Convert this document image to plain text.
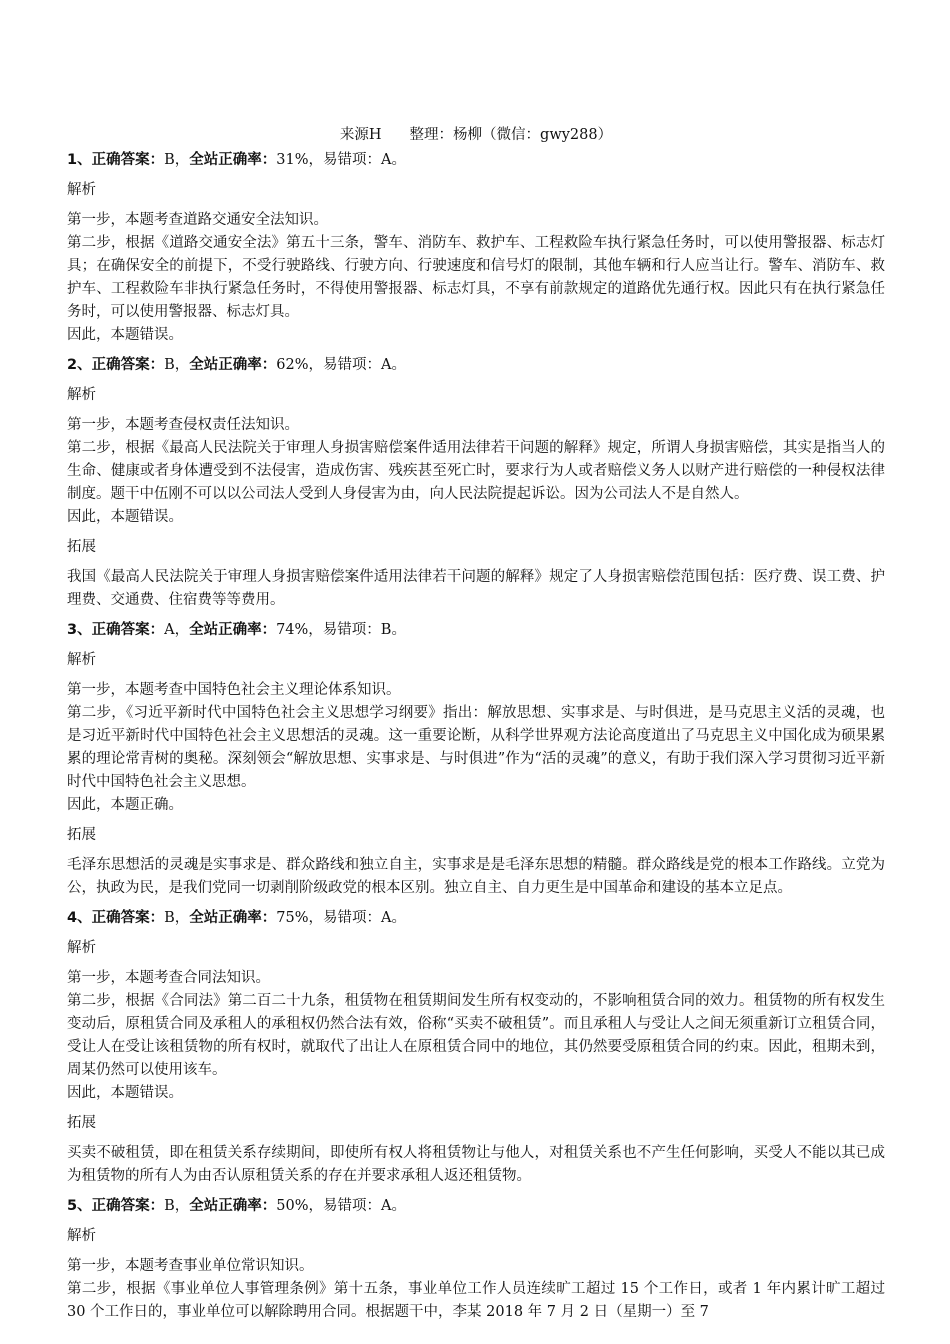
来源H 整理：杨柳（微信：gwy288）
1、正确答案：B，全站正确率：31%，易错项：A。
解析
第一步，本题考查道路交通安全法知识。
第二步，根据《道路交通安全法》第五十三条，警车、消防车、救护车、工程救险车执行紧急任务时，可以使用警报器、标志灯具；在确保安全的前提下，不受行驶路线、行驶方向、行驶速度和信号灯的限制，其他车辆和行人应当让行。警车、消防车、救护车、工程救险车非执行紧急任务时，不得使用警报器、标志灯具，不享有前款规定的道路优先通行权。因此只有在执行紧急任务时，可以使用警报器、标志灯具。
因此，本题错误。
2、正确答案：B，全站正确率：62%，易错项：A。
解析
第一步，本题考查侵权责任法知识。
第二步，根据《最高人民法院关于审理人身损害赔偿案件适用法律若干问题的解释》规定，所谓人身损害赔偿，其实是指当人的生命、健康或者身体遭受到不法侵害，造成伤害、残疾甚至死亡时，要求行为人或者赔偿义务人以财产进行赔偿的一种侵权法律制度。题干中伍刚不可以以公司法人受到人身侵害为由，向人民法院提起诉讼。因为公司法人不是自然人。
因此，本题错误。
拓展
我国《最高人民法院关于审理人身损害赔偿案件适用法律若干问题的解释》规定了人身损害赔偿范围包括：医疗费、误工费、护理费、交通费、住宿费等等费用。
3、正确答案：A，全站正确率：74%，易错项：B。
解析
第一步，本题考查中国特色社会主义理论体系知识。
第二步，《习近平新时代中国特色社会主义思想学习纲要》指出：解放思想、实事求是、与时俱进，是马克思主义活的灵魂，也是习近平新时代中国特色社会主义思想活的灵魂。这一重要论断，从科学世界观方法论高度道出了马克思主义中国化成为硕果累累的理论常青树的奥秘。深刻领会“解放思想、实事求是、与时俱进”作为“活的灵魂”的意义，有助于我们深入学习贯彻习近平新时代中国特色社会主义思想。
因此，本题正确。
拓展
毛泽东思想活的灵魂是实事求是、群众路线和独立自主，实事求是是毛泽东思想的精髓。群众路线是党的根本工作路线。立党为公，执政为民，是我们党同一切剥削阶级政党的根本区别。独立自主、自力更生是中国革命和建设的基本立足点。
4、正确答案：B，全站正确率：75%，易错项：A。
解析
第一步，本题考查合同法知识。
第二步，根据《合同法》第二百二十九条，租赁物在租赁期间发生所有权变动的，不影响租赁合同的效力。租赁物的所有权发生变动后，原租赁合同及承租人的承租权仍然合法有效，俗称“买卖不破租赁”。而且承租人与受让人之间无须重新订立租赁合同，受让人在受让该租赁物的所有权时，就取代了出让人在原租赁合同中的地位，其仍然要受原租赁合同的约束。因此，租期未到，周某仍然可以使用该车。
因此，本题错误。
拓展
买卖不破租赁，即在租赁关系存续期间，即使所有权人将租赁物让与他人，对租赁关系也不产生任何影响，买受人不能以其已成为租赁物的所有人为由否认原租赁关系的存在并要求承租人返还租赁物。
5、正确答案：B，全站正确率：50%，易错项：A。
解析
第一步，本题考查事业单位常识知识。
第二步，根据《事业单位人事管理条例》第十五条，事业单位工作人员连续旷工超过 15 个工作日，或者 1 年内累计旷工超过 30 个工作日的，事业单位可以解除聘用合同。根据题干中，李某 2018 年 7 月 2 日（星期一）至 7
